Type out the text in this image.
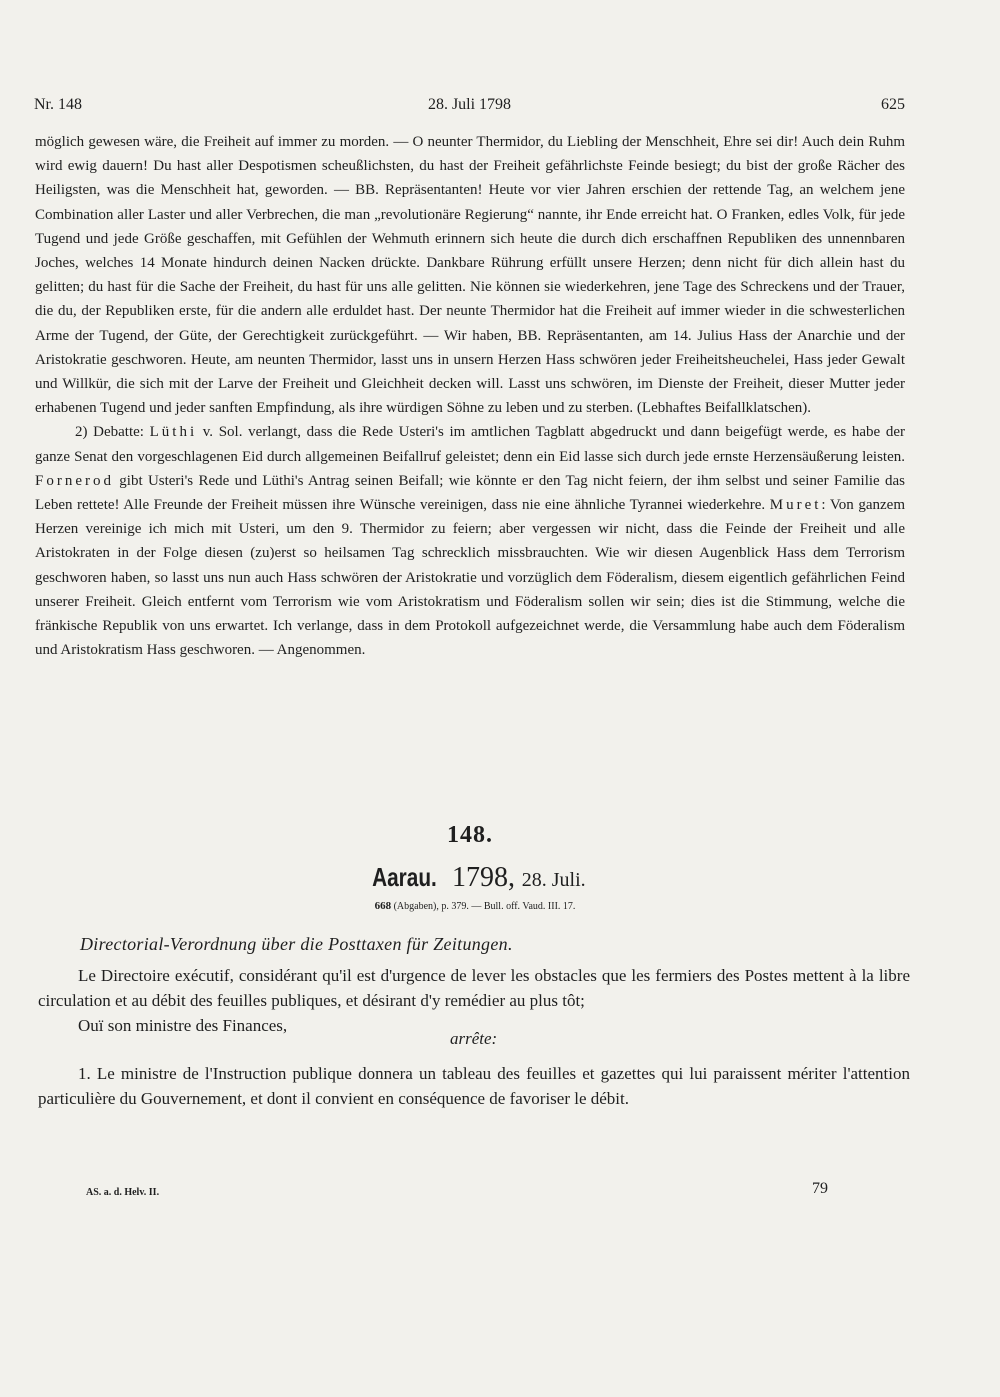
Nr. 148	28. Juli 1798	625

möglich gewesen wäre, die Freiheit auf immer zu morden. — O neunter Thermidor, du Liebling der Menschheit, Ehre sei dir! Auch dein Ruhm wird ewig dauern! Du hast aller Despotismen scheußlichsten, du hast der Freiheit gefährlichste Feinde besiegt; du bist der große Rächer des Heiligsten, was die Menschheit hat, geworden. — BB. Repräsentanten! Heute vor vier Jahren erschien der rettende Tag, an welchem jene Combination aller Laster und aller Verbrechen, die man „revolutionäre Regierung“ nannte, ihr Ende erreicht hat. O Franken, edles Volk, für jede Tugend und jede Größe geschaffen, mit Gefühlen der Wehmuth erinnern sich heute die durch dich erschaffnen Republiken des unnennbaren Joches, welches 14 Monate hindurch deinen Nacken drückte. Dankbare Rührung erfüllt unsere Herzen; denn nicht für dich allein hast du gelitten; du hast für die Sache der Freiheit, du hast für uns alle gelitten. Nie können sie wiederkehren, jene Tage des Schreckens und der Trauer, die du, der Republiken erste, für die andern alle erduldet hast. Der neunte Thermidor hat die Freiheit auf immer wieder in die schwesterlichen Arme der Tugend, der Güte, der Gerechtigkeit zurückgeführt. — Wir haben, BB. Repräsentanten, am 14. Julius Hass der Anarchie und der Aristokratie geschworen. Heute, am neunten Thermidor, lasst uns in unsern Herzen Hass schwören jeder Freiheitsheuchelei, Hass jeder Gewalt und Willkür, die sich mit der Larve der Freiheit und Gleichheit decken will. Lasst uns schwören, im Dienste der Freiheit, dieser Mutter jeder erhabenen Tugend und jeder sanften Empfindung, als ihre würdigen Söhne zu leben und zu sterben. (Lebhaftes Beifallklatschen).

2) Debatte: Lüthi v. Sol. verlangt, dass die Rede Usteri's im amtlichen Tagblatt abgedruckt und dann beigefügt werde, es habe der ganze Senat den vorgeschlagenen Eid durch allgemeinen Beifallruf geleistet; denn ein Eid lasse sich durch jede ernste Herzensäußerung leisten. Fornerod gibt Usteri's Rede und Lüthi's Antrag seinen Beifall; wie könnte er den Tag nicht feiern, der ihm selbst und seiner Familie das Leben rettete! Alle Freunde der Freiheit müssen ihre Wünsche vereinigen, dass nie eine ähnliche Tyrannei wiederkehre. Muret: Von ganzem Herzen vereinige ich mich mit Usteri, um den 9. Thermidor zu feiern; aber vergessen wir nicht, dass die Feinde der Freiheit und alle Aristokraten in der Folge diesen (zu)erst so heilsamen Tag schrecklich missbrauchten. Wie wir diesen Augenblick Hass dem Terrorism geschworen haben, so lasst uns nun auch Hass schwören der Aristokratie und vorzüglich dem Föderalism, diesem eigentlich gefährlichen Feind unserer Freiheit. Gleich entfernt vom Terrorism wie vom Aristokratism und Föderalism sollen wir sein; dies ist die Stimmung, welche die fränkische Republik von uns erwartet. Ich verlange, dass in dem Protokoll aufgezeichnet werde, die Versammlung habe auch dem Föderalism und Aristokratism Hass geschworen. — Angenommen.

148.
Aarau. 1798, 28. Juli.
668 (Abgaben), p. 379. — Bull. off. Vaud. III. 17.
Directorial-Verordnung über die Posttaxen für Zeitungen.

Le Directoire exécutif, considérant qu'il est d'urgence de lever les obstacles que les fermiers des Postes mettent à la libre circulation et au débit des feuilles publiques, et désirant d'y remédier au plus tôt;

Ouï son ministre des Finances,
arrête:

1. Le ministre de l'Instruction publique donnera un tableau des feuilles et gazettes qui lui paraissent mériter l'attention particulière du Gouvernement, et dont il convient en conséquence de favoriser le débit.

AS. a. d. Helv. II.	79
